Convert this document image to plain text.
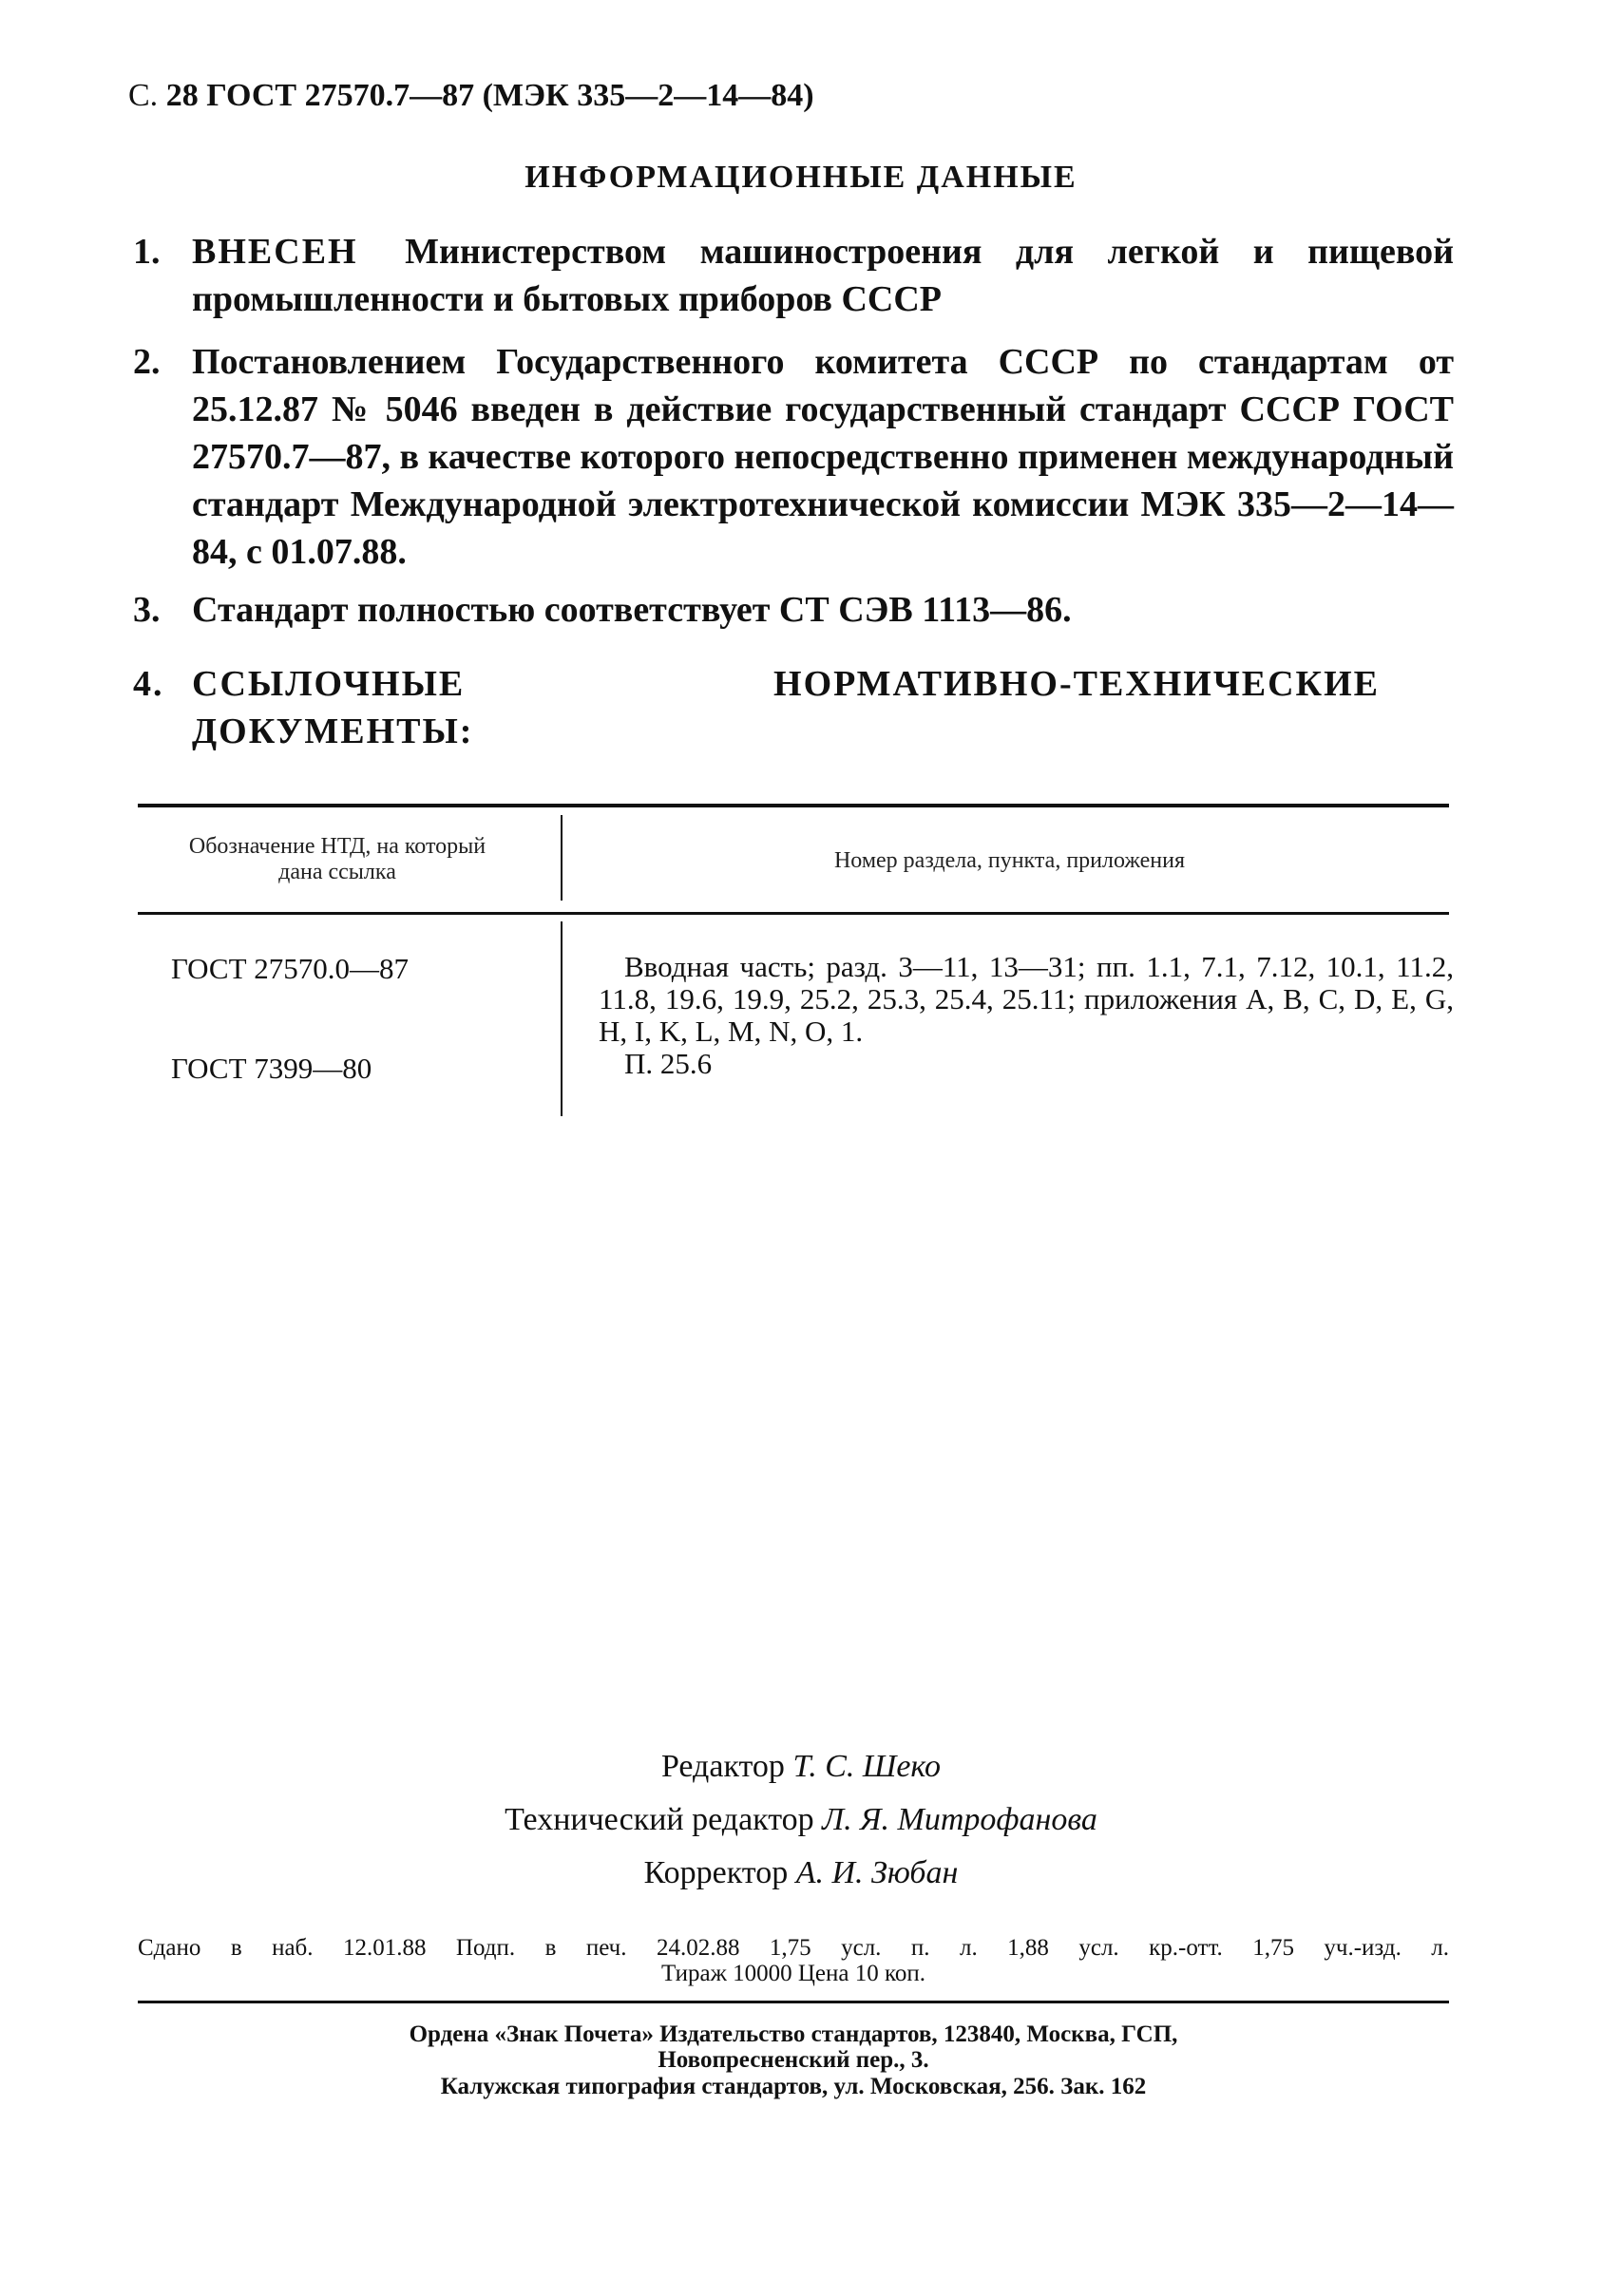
С. 28 ГОСТ 27570.7—87 (МЭК 335—2—14—84)
ИНФОРМАЦИОННЫЕ ДАННЫЕ
1. ВНЕСЕН Министерством машиностроения для легкой и пищевой промышленности и бытовых приборов СССР
2. Постановлением Государственного комитета СССР по стандартам от 25.12.87 № 5046 введен в действие государственный стандарт СССР ГОСТ 27570.7—87, в качестве которого непосредственно применен международный стандарт Международной электротехнической комиссии МЭК 335—2—14—84, с 01.07.88.
3. Стандарт полностью соответствует СТ СЭВ 1113—86.
4. ССЫЛОЧНЫЕ НОРМАТИВНО-ТЕХНИЧЕСКИЕ ДОКУМЕНТЫ:
Обозначение НТД, на который дана ссылка	Номер раздела, пункта, приложения
ГОСТ 27570.0—87	Вводная часть; разд. 3—11, 13—31; пп. 1.1, 7.1, 7.12, 10.1, 11.2, 11.8, 19.6, 19.9, 25.2, 25.3, 25.4, 25.11; приложения A, B, C, D, E, G, H, I, K, L, M, N, O, 1.
ГОСТ 7399—80	П. 25.6
Редактор Т. С. Шеко
Технический редактор Л. Я. Митрофанова
Корректор А. И. Зюбан
Сдано в наб. 12.01.88 Подп. в печ. 24.02.88 1,75 усл. п. л. 1,88 усл. кр.-отт. 1,75 уч.-изд. л.
Тираж 10000 Цена 10 коп.
Ордена «Знак Почета» Издательство стандартов, 123840, Москва, ГСП,
Новопресненский пер., 3.
Калужская типография стандартов, ул. Московская, 256. Зак. 162
